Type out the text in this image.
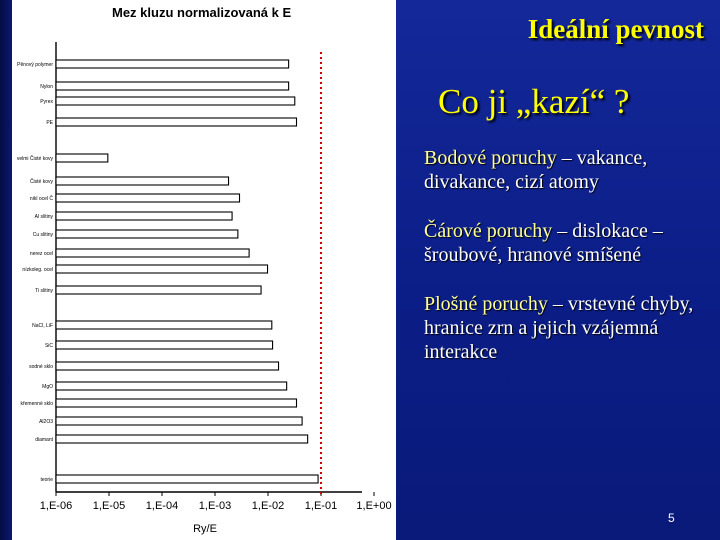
Mez kluzu normalizovaná k E
Pěnový polymer
Nylon
Pyrex
PE
velmi Čisté kovy
Čisté kovy
nikl ocel Č
Al slitiny
Cu slitiny
nerez ocel
nízkoleg. ocel
Ti slitiny
NaCl, LiF
SiC
sodné sklo
MgO
křemenné sklo
Al2O3
diamant
teorie
1,E-06 1,E-05 1,E-04 1,E-03 1,E-02 1,E-01 1,E+00
Ry/E
Ideální pevnost
Co ji „kazí“ ?
Bodové poruchy – vakance, divakance, cizí atomy
Čárové poruchy – dislokace – šroubové, hranové smíšené
Plošné poruchy – vrstevné chyby, hranice zrn a jejich vzájemná interakce
5
